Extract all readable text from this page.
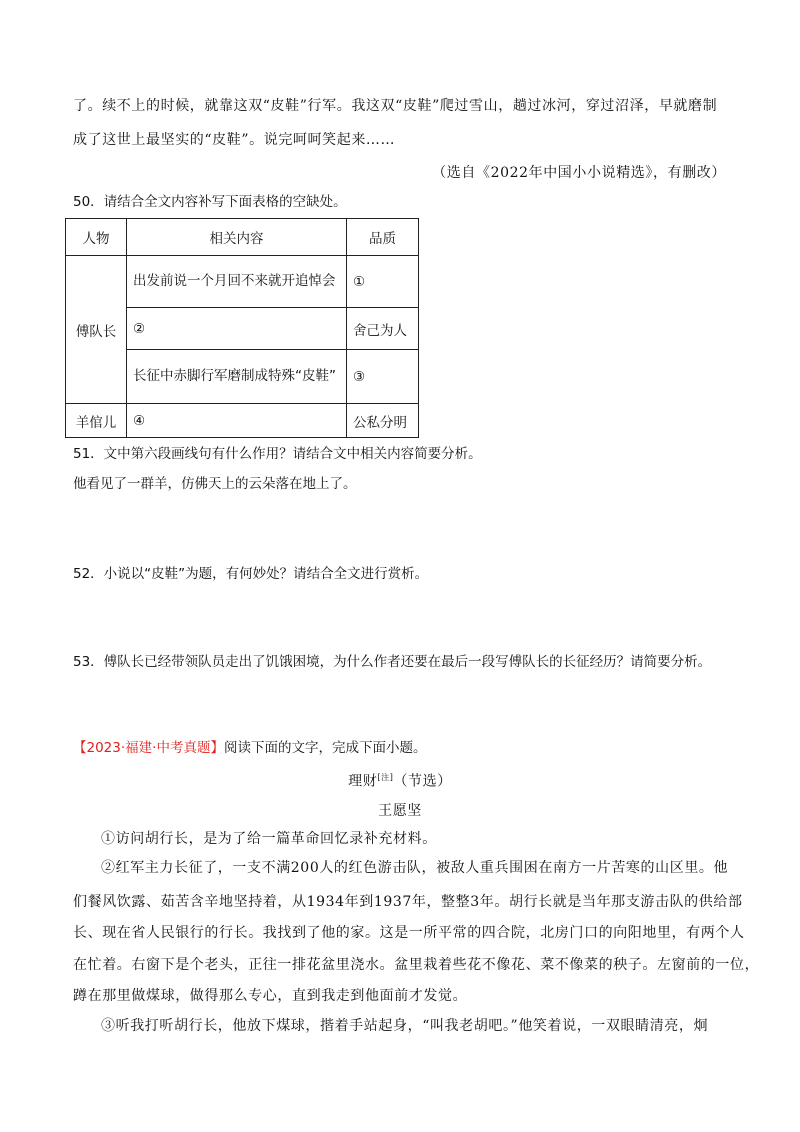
了。续不上的时候，就靠这双“皮鞋”行军。我这双“皮鞋”爬过雪山，趟过冰河，穿过沼泽，早就磨制
成了这世上最坚实的“皮鞋”。说完呵呵笑起来……
（选自《2022年中国小小说精选》，有删改）
50．请结合全文内容补写下面表格的空缺处。
人物	相关内容	品质
傅队长	出发前说一个月回不来就开追悼会	①
	②	舍己为人
	长征中赤脚行军磨制成特殊“皮鞋”	③
羊倌儿	④	公私分明
51．文中第六段画线句有什么作用？请结合文中相关内容简要分析。
他看见了一群羊，仿佛天上的云朵落在地上了。
52．小说以“皮鞋”为题，有何妙处？请结合全文进行赏析。
53．傅队长已经带领队员走出了饥饿困境，为什么作者还要在最后一段写傅队长的长征经历？请简要分析。
【2023·福建·中考真题】阅读下面的文字，完成下面小题。
理财[注]（节选）
王愿坚
①访问胡行长，是为了给一篇革命回忆录补充材料。
②红军主力长征了，一支不满200人的红色游击队，被敌人重兵围困在南方一片苦寒的山区里。他
们餐风饮露、茹苦含辛地坚持着，从1934年到1937年，整整3年。胡行长就是当年那支游击队的供给部
长、现在省人民银行的行长。我找到了他的家。这是一所平常的四合院，北房门口的向阳地里，有两个人
在忙着。右窗下是个老头，正往一排花盆里浇水。盆里栽着些花不像花、菜不像菜的秧子。左窗前的一位，
蹲在那里做煤球，做得那么专心，直到我走到他面前才发觉。
③听我打听胡行长，他放下煤球，揩着手站起身，“叫我老胡吧。”他笑着说，一双眼睛清亮，炯
